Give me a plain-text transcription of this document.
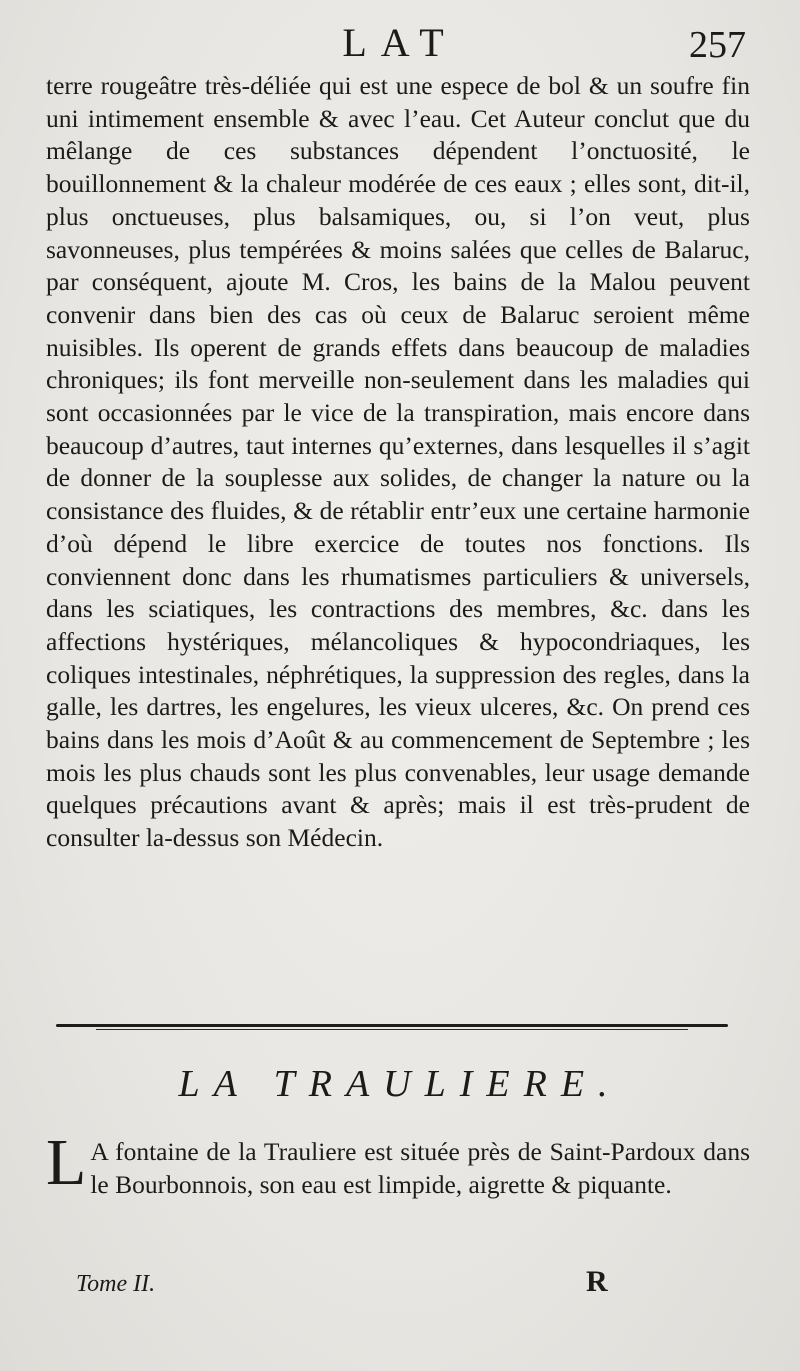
LAT	257

terre rougeâtre très-déliée qui est une espece de bol & un soufre fin uni intimement ensemble & avec l’eau. Cet Auteur conclut que du mêlange de ces substances dépendent l’onctuosité, le bouillonnement & la chaleur modérée de ces eaux ; elles sont, dit-il, plus onctueuses, plus balsamiques, ou, si l’on veut, plus savonneuses, plus tempérées & moins salées que celles de Balaruc, par conséquent, ajoute M. Cros, les bains de la Malou peuvent convenir dans bien des cas où ceux de Balaruc seroient même nuisibles. Ils operent de grands effets dans beaucoup de maladies chroniques; ils font merveille non-seulement dans les maladies qui sont occasionnées par le vice de la transpiration, mais encore dans beaucoup d’autres, taut internes qu’externes, dans lesquelles il s’agit de donner de la souplesse aux solides, de changer la nature ou la consistance des fluides, & de rétablir entr’eux une certaine harmonie d’où dépend le libre exercice de toutes nos fonctions. Ils conviennent donc dans les rhumatismes particuliers & universels, dans les sciatiques, les contractions des membres, &c. dans les affections hystériques, mélancoliques & hypocondriaques, les coliques intestinales, néphrétiques, la suppression des regles, dans la galle, les dartres, les engelures, les vieux ulceres, &c. On prend ces bains dans les mois d’Août & au commencement de Septembre ; les mois les plus chauds sont les plus convenables, leur usage demande quelques précautions avant & après; mais il est très-prudent de consulter la-dessus son Médecin.

LA TRAULIERE.

L A fontaine de la Trauliere est située près de Saint-Pardoux dans le Bourbonnois, son eau est limpide, aigrette & piquante.

Tome II.	R
